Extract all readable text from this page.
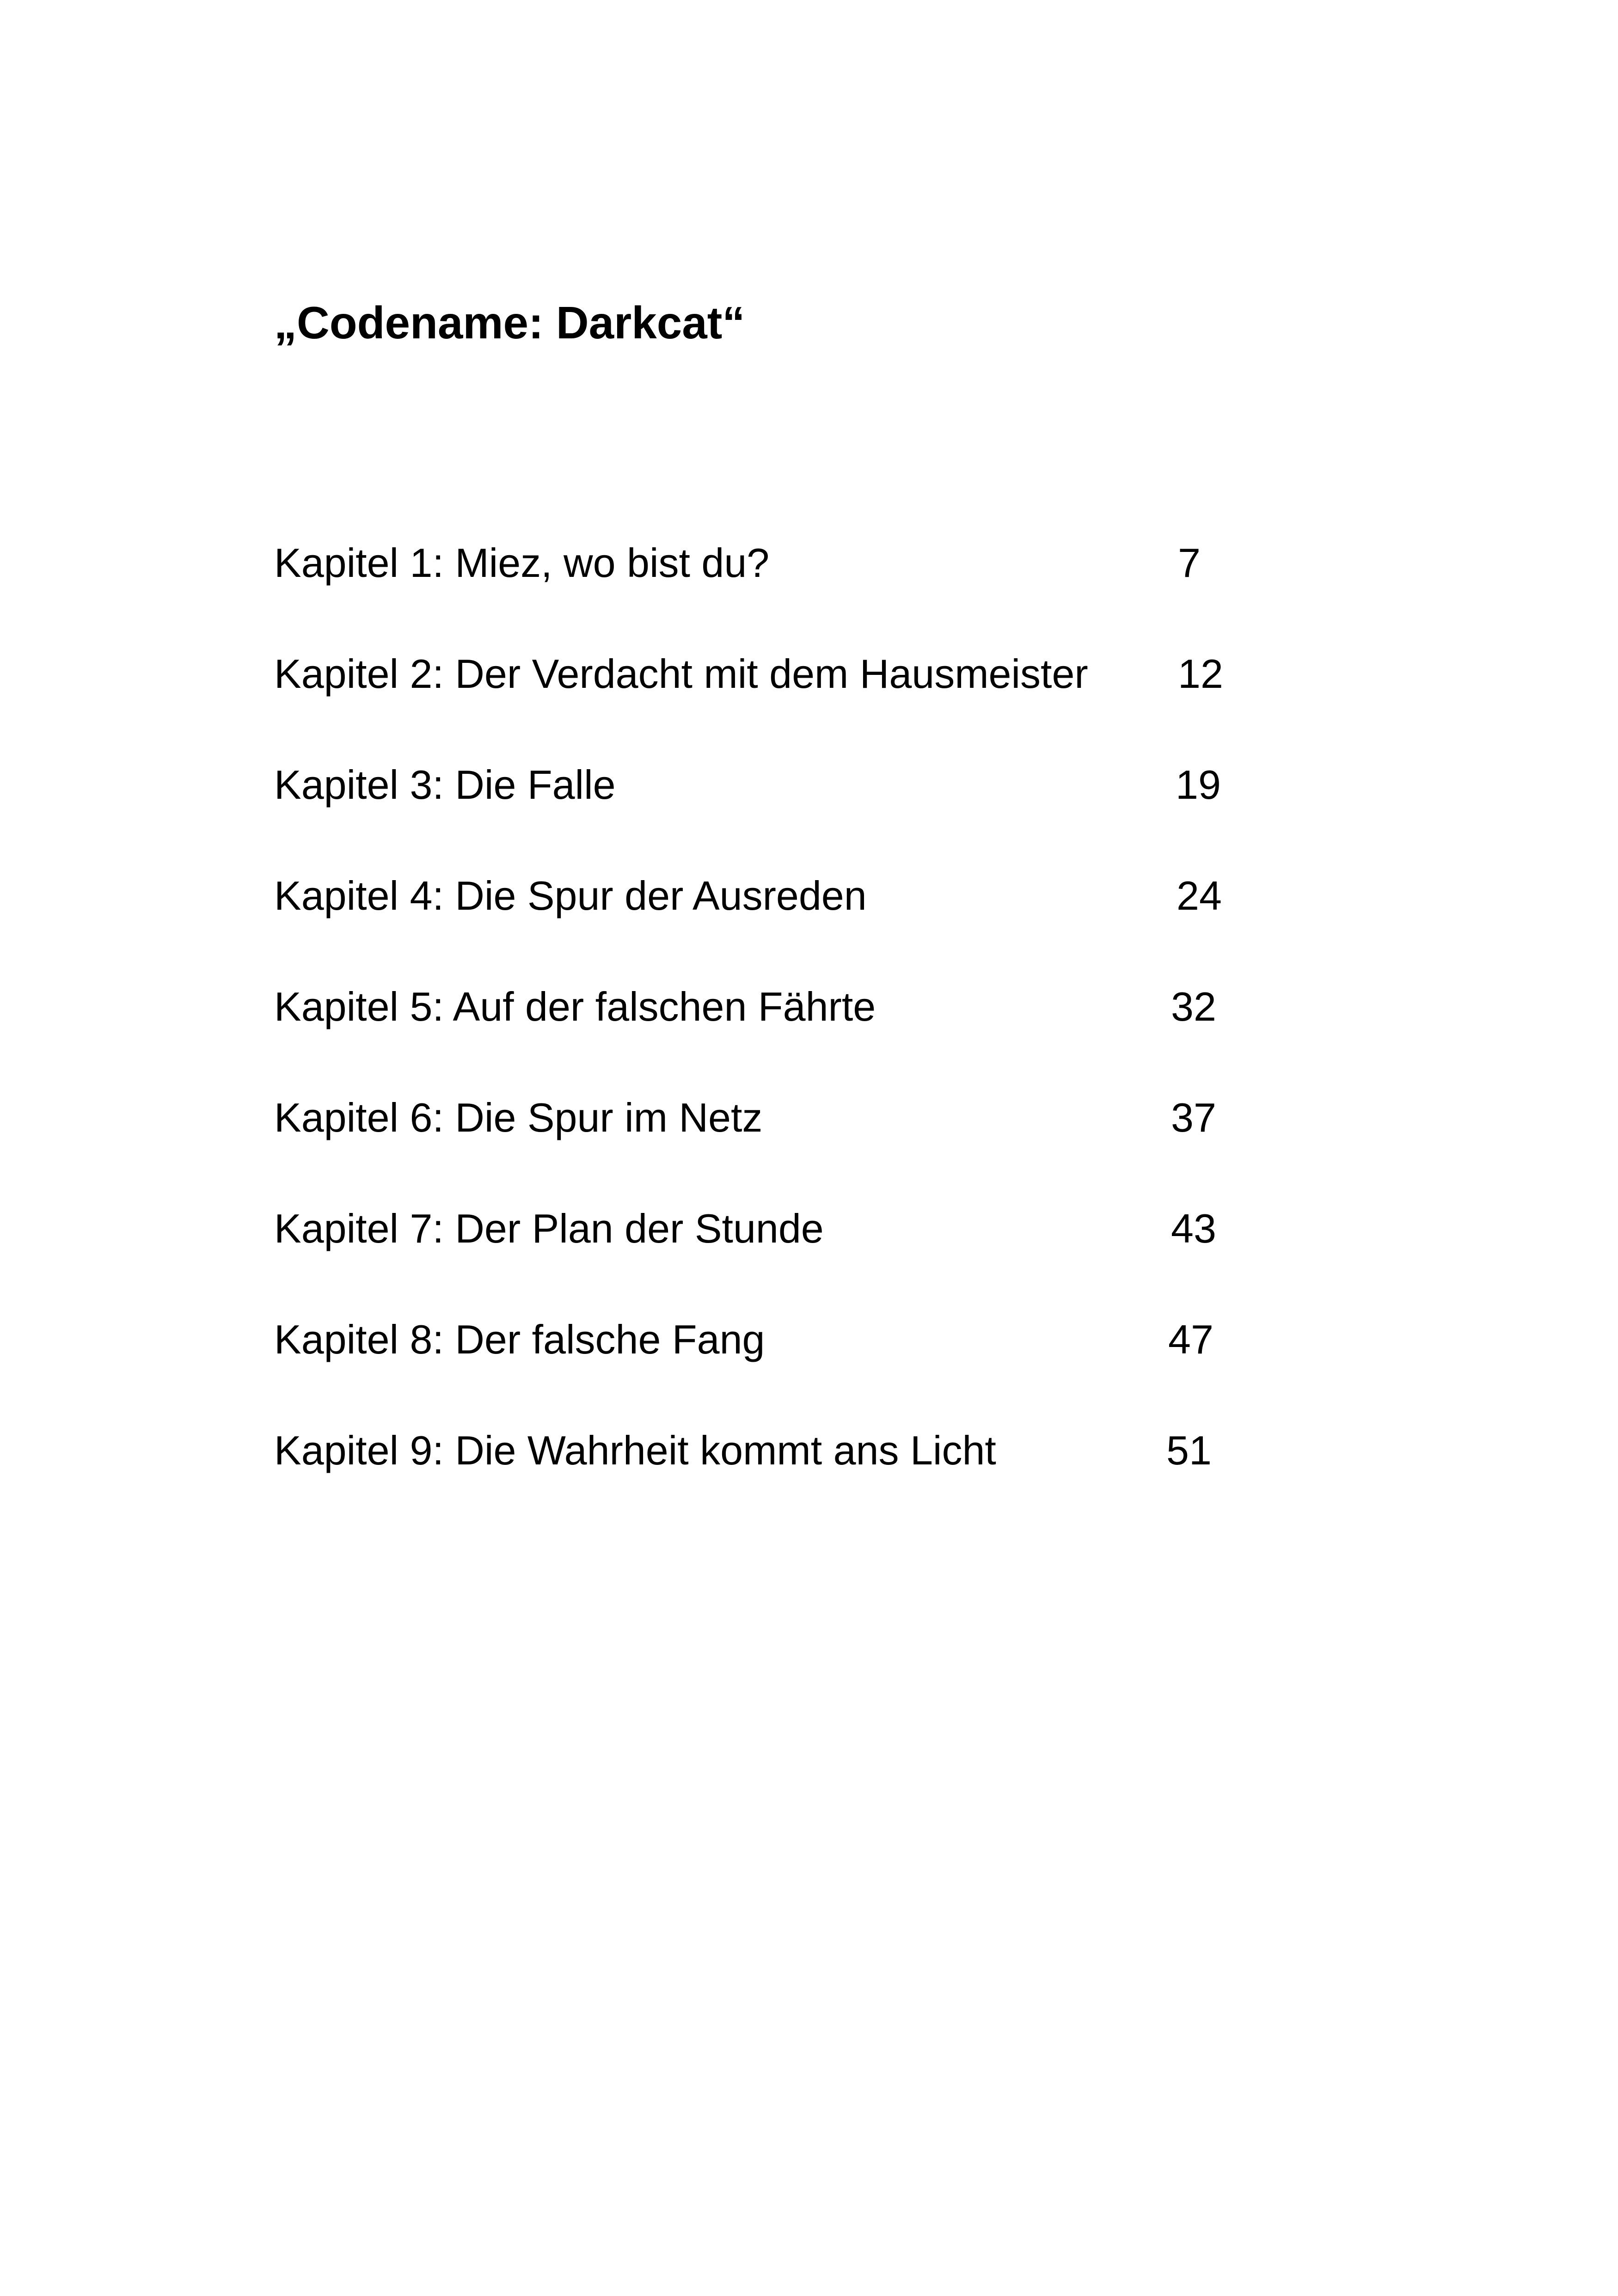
„Codename: Darkcat“
Kapitel 1: Miez, wo bist du?	7
Kapitel 2: Der Verdacht mit dem Hausmeister 12
Kapitel 3: Die Falle	19
Kapitel 4: Die Spur der Ausreden	24
Kapitel 5: Auf der falschen Fährte	32
Kapitel 6: Die Spur im Netz	37
Kapitel 7: Der Plan der Stunde	43
Kapitel 8: Der falsche Fang	47
Kapitel 9: Die Wahrheit kommt ans Licht	51
